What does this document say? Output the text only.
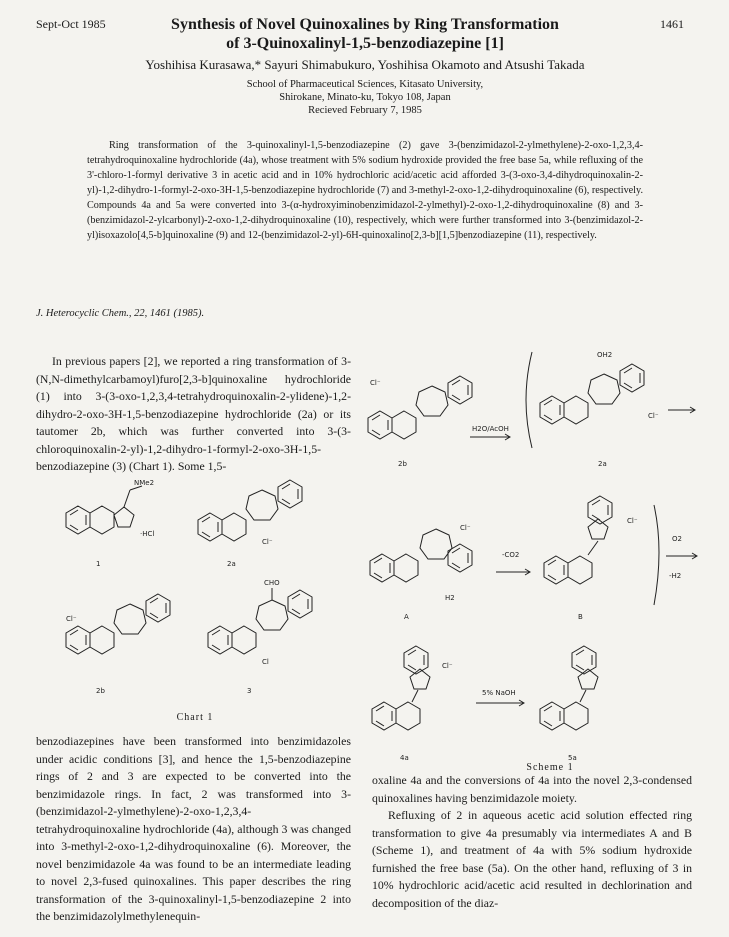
Sept-Oct 1985	1461
Synthesis of Novel Quinoxalines by Ring Transformation
of 3-Quinoxalinyl-1,5-benzodiazepine [1]
Yoshihisa Kurasawa,* Sayuri Shimabukuro, Yoshihisa Okamoto and Atsushi Takada
School of Pharmaceutical Sciences, Kitasato University,
Shirokane, Minato-ku, Tokyo 108, Japan
Recieved February 7, 1985
Ring transformation of the 3-quinoxalinyl-1,5-benzodiazepine (2) gave 3-(benzimidazol-2-ylmethylene)-2-oxo-1,2,3,4-tetrahydroquinoxaline hydrochloride (4a), whose treatment with 5% sodium hydroxide provided the free base 5a, while refluxing of the 3'-chloro-1-formyl derivative 3 in acetic acid and in 10% hydrochloric acid/acetic acid afforded 3-(3-oxo-3,4-dihydroquinoxalin-2-yl)-1,2-dihydro-1-formyl-2-oxo-3H-1,5-benzodiazepine hydrochloride (7) and 3-methyl-2-oxo-1,2-dihydroquinoxaline (6), respectively. Compounds 4a and 5a were converted into 3-(α-hydroxyiminobenzimidazol-2-ylmethyl)-2-oxo-1,2-dihydroquinoxaline (8) and 3-(benzimidazol-2-ylcarbonyl)-2-oxo-1,2-dihydroquinoxaline (10), respectively, which were further transformed into 3-(benzimidazol-2-yl)isoxazolo[4,5-b]quinoxaline (9) and 12-(benzimidazol-2-yl)-6H-quinoxalino[2,3-b][1,5]benzodiazepine (11), respectively.
J. Heterocyclic Chem., 22, 1461 (1985).
In previous papers [2], we reported a ring transformation of 3-(N,N-dimethylcarbamoyl)furo[2,3-b]quinoxaline hydrochloride (1) into 3-(3-oxo-1,2,3,4-tetrahydroquinoxalin-2-ylidene)-1,2-dihydro-2-oxo-3H-1,5-benzodiazepine hydrochloride (2a) or its tautomer 2b, which was further converted into 3-(3-chloroquinoxalin-2-yl)-1,2-dihydro-1-formyl-2-oxo-3H-1,5-benzodiazepine (3) (Chart 1). Some 1,5-
benzodiazepines have been transformed into benzimidazoles under acidic conditions [3], and hence the 1,5-benzodiazepine rings of 2 and 3 are expected to be converted into the benzimidazole rings. In fact, 2 was transformed into 3-(benzimidazol-2-ylmethylene)-2-oxo-1,2,3,4-tetrahydroquinoxaline hydrochloride (4a), although 3 was changed into 3-methyl-2-oxo-1,2-dihydroquinoxaline (6). Moreover, the novel benzimidazole 4a was found to be an intermediate leading to novel 2,3-fused quinoxalines. This paper describes the ring transformation of the 3-quinoxalinyl-1,5-benzodiazepine 2 into the benzimidazolylmethylenequin-
oxaline 4a and the conversions of 4a into the novel 2,3-condensed quinoxalines having benzimidazole moiety.
Refluxing of 2 in aqueous acetic acid solution effected ring transformation to give 4a presumably via intermediates A and B (Scheme 1), and treatment of 4a with 5% sodium hydroxide furnished the free base (5a). On the other hand, refluxing of 3 in 10% hydrochloric acid/acetic acid resulted in dechlorination and decomposition of the diaz-
NMe2
·HCl
1
Cl⁻
2a
Cl⁻
2b
CHO
Cl
3
Cl⁻
2b
H2O/AcOH
OH2
Cl⁻
2a
Cl⁻
H2
A
-CO2
Cl⁻
B
O2
-H2
Cl⁻
4a
5% NaOH
5a
Chart 1
Scheme 1
